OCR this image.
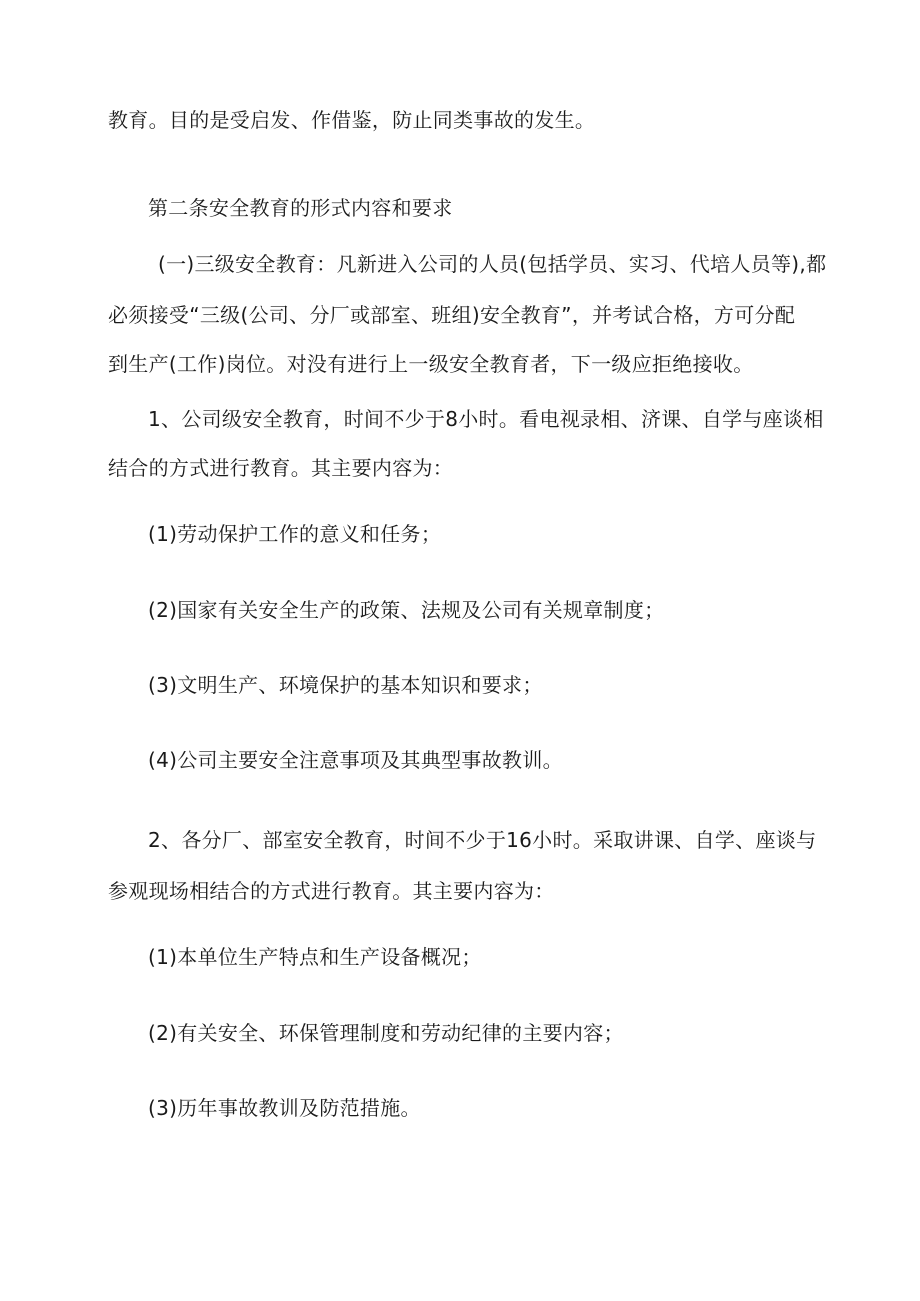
教育。目的是受启发、作借鉴，防止同类事故的发生。

第二条安全教育的形式内容和要求

(一)三级安全教育：凡新进入公司的人员(包括学员、实习、代培人员等),都

必须接受“三级(公司、分厂或部室、班组)安全教育”，并考试合格，方可分配

到生产(工作)岗位。对没有进行上一级安全教育者，下一级应拒绝接收。

1、公司级安全教育，时间不少于8小时。看电视录相、济课、自学与座谈相

结合的方式进行教育。其主要内容为：

(1)劳动保护工作的意义和任务；

(2)国家有关安全生产的政策、法规及公司有关规章制度；

(3)文明生产、环境保护的基本知识和要求；

(4)公司主要安全注意事项及其典型事故教训。

2、各分厂、部室安全教育，时间不少于16小时。采取讲课、自学、座谈与

参观现场相结合的方式进行教育。其主要内容为：

(1)本单位生产特点和生产设备概况；

(2)有关安全、环保管理制度和劳动纪律的主要内容；

(3)历年事故教训及防范措施。
